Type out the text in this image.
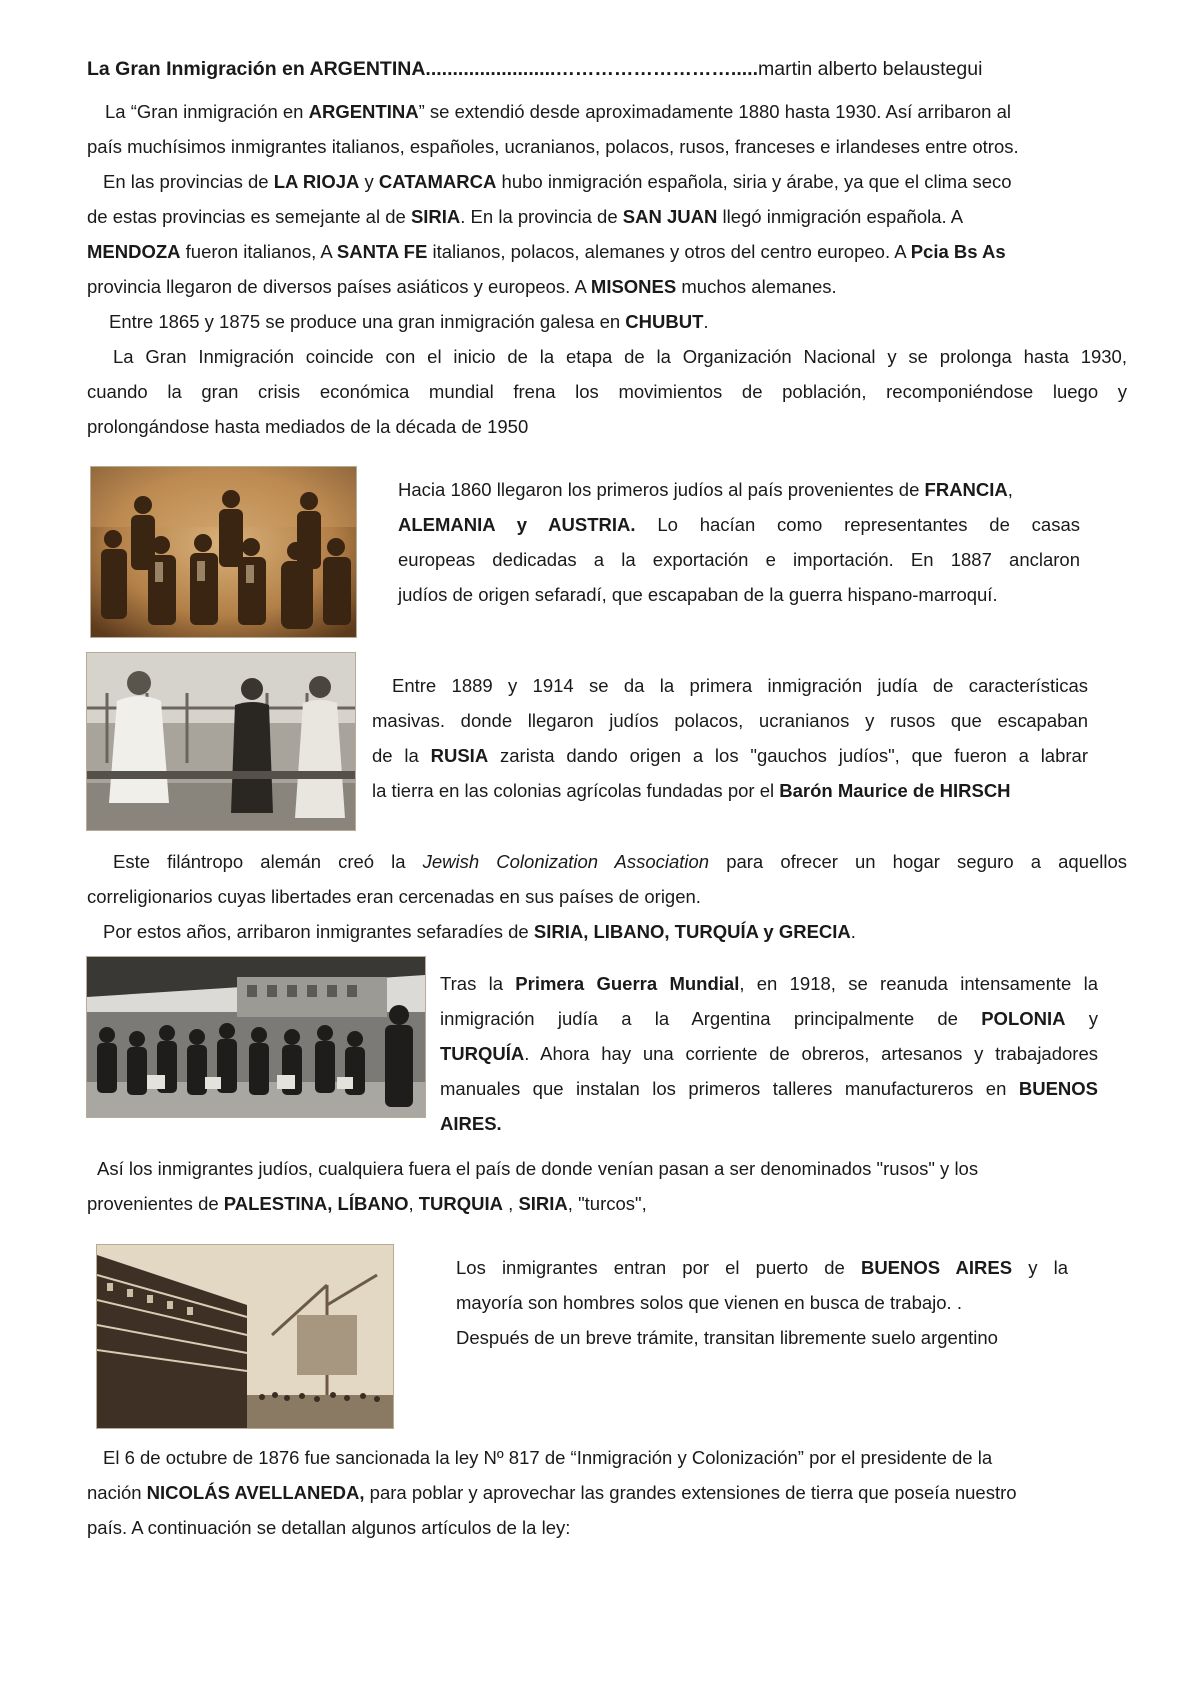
La Gran Inmigración en ARGENTINA........................……………………….....martin alberto belaustegui
La “Gran inmigración en ARGENTINA” se extendió desde aproximadamente 1880 hasta 1930. Así arribaron al
país muchísimos inmigrantes italianos, españoles, ucranianos, polacos, rusos, franceses e irlandeses entre otros.
En las provincias de LA RIOJA y CATAMARCA hubo inmigración española, siria y árabe, ya que el clima seco
de estas provincias es semejante al de SIRIA. En la provincia de SAN JUAN llegó inmigración española. A
MENDOZA fueron italianos, A SANTA FE italianos, polacos, alemanes y otros del centro europeo. A Pcia Bs As
provincia llegaron de diversos países asiáticos y europeos. A MISONES muchos alemanes.
Entre 1865 y 1875 se produce una gran inmigración galesa en CHUBUT.
La Gran Inmigración coincide con el inicio de la etapa de la Organización Nacional y se prolonga hasta 1930,
cuando la gran crisis económica mundial frena los movimientos de población, recomponiéndose luego y
prolongándose hasta mediados de la década de 1950
Hacia 1860 llegaron los primeros judíos al país provenientes de FRANCIA,
ALEMANIA y AUSTRIA. Lo hacían como representantes de casas
europeas dedicadas a la exportación e importación. En 1887 anclaron
judíos de origen sefaradí, que escapaban de la guerra hispano-marroquí.
Entre 1889 y 1914 se da la primera inmigración judía de características
masivas. donde llegaron judíos polacos, ucranianos y rusos que escapaban
de la RUSIA zarista dando origen a los "gauchos judíos", que fueron a labrar
la tierra en las colonias agrícolas fundadas por el Barón Maurice de HIRSCH
Este filántropo alemán creó la Jewish Colonization Association para ofrecer un hogar seguro a aquellos
correligionarios cuyas libertades eran cercenadas en sus países de origen.
Por estos años, arribaron inmigrantes sefaradíes de SIRIA, LIBANO, TURQUÍA y GRECIA.
Tras la Primera Guerra Mundial, en 1918, se reanuda intensamente la
inmigración judía a la Argentina principalmente de POLONIA y
TURQUÍA. Ahora hay una corriente de obreros, artesanos y trabajadores
manuales que instalan los primeros talleres manufactureros en BUENOS
AIRES.
Así los inmigrantes judíos, cualquiera fuera el país de donde venían pasan a ser denominados "rusos" y los
provenientes de PALESTINA, LÍBANO, TURQUIA , SIRIA, "turcos",
Los inmigrantes entran por el puerto de BUENOS AIRES y la
mayoría son hombres solos que vienen en busca de trabajo. .
Después de un breve trámite, transitan libremente suelo argentino
El 6 de octubre de 1876 fue sancionada la ley Nº 817 de “Inmigración y Colonización” por el presidente de la
nación NICOLÁS AVELLANEDA, para poblar y aprovechar las grandes extensiones de tierra que poseía nuestro
país. A continuación se detallan algunos artículos de la ley:
